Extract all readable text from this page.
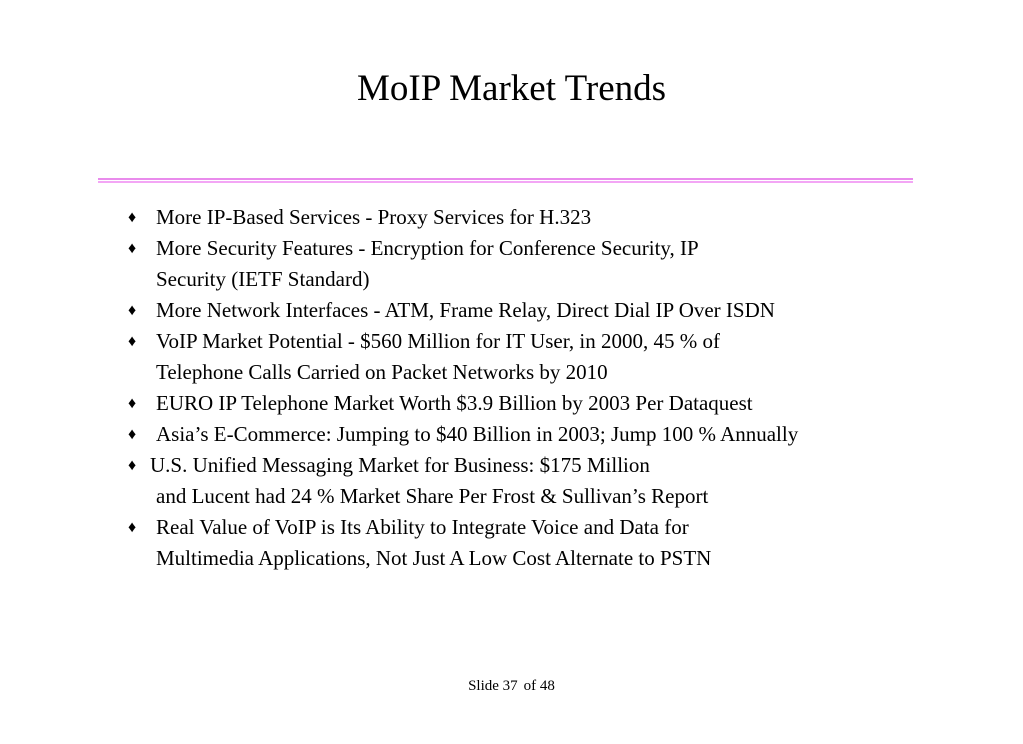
MoIP Market Trends
♦ More IP-Based Services - Proxy Services for H.323
♦ More Security Features - Encryption for Conference Security, IP
Security (IETF Standard)
♦ More Network Interfaces - ATM, Frame Relay, Direct Dial IP Over ISDN
♦ VoIP Market Potential - $560 Million for IT User, in 2000, 45 % of
Telephone Calls Carried on Packet Networks by 2010
♦ EURO IP Telephone Market Worth $3.9 Billion by 2003 Per Dataquest
♦ Asia’s E-Commerce: Jumping to $40 Billion in 2003; Jump 100 % Annually
♦ U.S. Unified Messaging Market for Business: $175 Million
and Lucent had 24 % Market Share Per Frost & Sullivan’s Report
♦ Real Value of VoIP is Its Ability to Integrate Voice and Data for
Multimedia Applications, Not Just A Low Cost Alternate to PSTN
Slide 37 of 48
